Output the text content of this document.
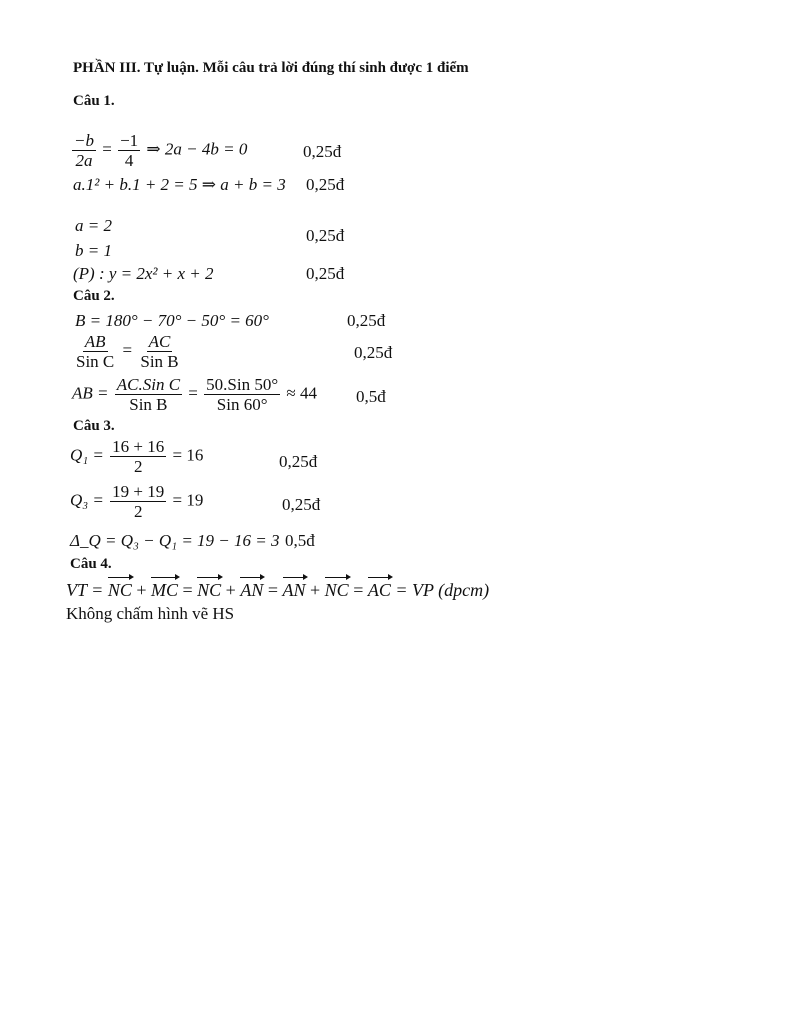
PHẦN III. Tự luận. Mỗi câu trả lời đúng thí sinh được 1 điểm
Câu 1.
$\frac{-b}{2a} = \frac{-1}{4}$ ⇒ 2a − 4b = 0	0,25đ
a.1² + b.1 + 2 = 5 ⇒ a + b = 3 0,25đ
a = 2
b = 1
0,25đ
(P) : y = 2x² + x + 2	0,25đ
Câu 2.
B = 180° − 70° − 50° = 60°	0,25đ
$\frac{AB}{\text{Sin C}} = \frac{AC}{\text{Sin B}}$	0,25đ
AB = $\frac{\text{AC.Sin C}}{\text{Sin B}} = \frac{\text{50.Sin 50°}}{\text{Sin 60°}} \approx 44$ 0,5đ
Câu 3.
$Q_1 = \frac{16 + 16}{2} = 16$	0,25đ
$Q_3 = \frac{19 + 19}{2} = 19$	0,25đ
Δ_Q = Q₃ − Q₁ = 19 − 16 = 3 0,5đ
Câu 4.
VT = NC + MC = NC + AN = AN + NC = AC = VP (dpcm)
Không chấm hình vẽ HS
